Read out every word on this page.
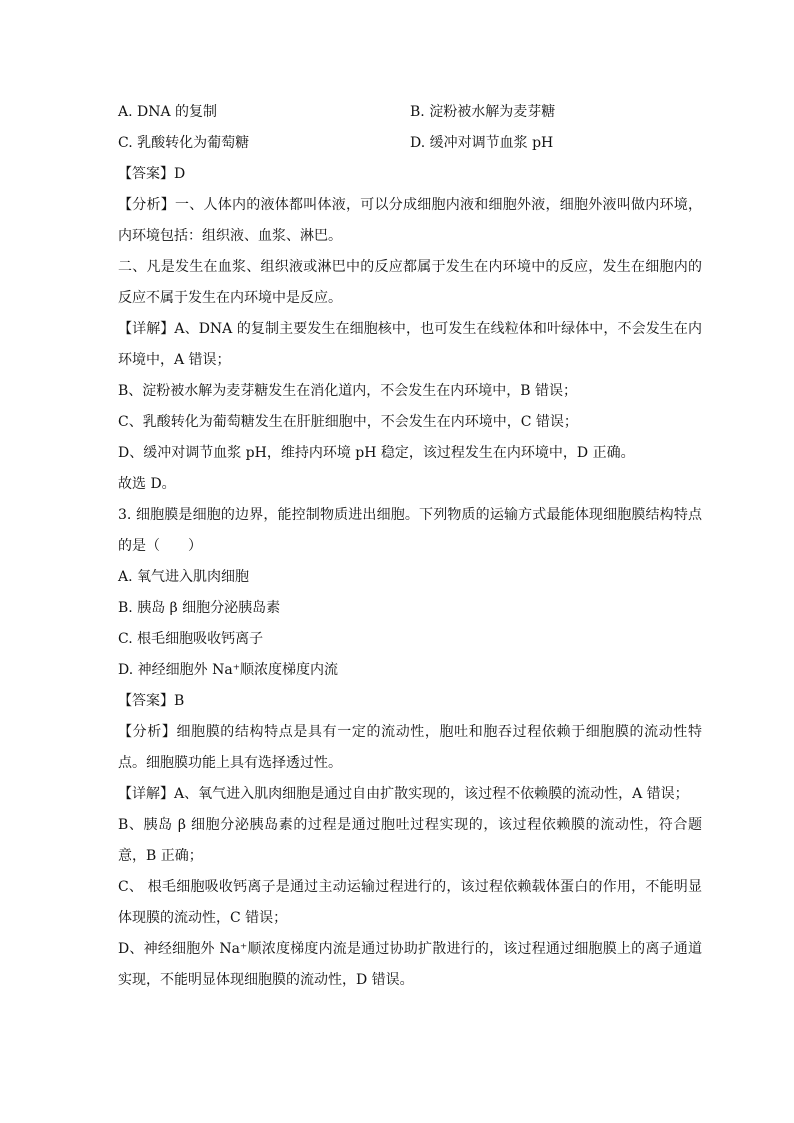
A. DNA 的复制	B. 淀粉被水解为麦芽糖
C. 乳酸转化为葡萄糖	D. 缓冲对调节血浆 pH
【答案】D

【分析】一、人体内的液体都叫体液，可以分成细胞内液和细胞外液，细胞外液叫做内环境，内环境包括：组织液、血浆、淋巴。

二、凡是发生在血浆、组织液或淋巴中的反应都属于发生在内环境中的反应，发生在细胞内的反应不属于发生在内环境中是反应。

【详解】A、DNA 的复制主要发生在细胞核中，也可发生在线粒体和叶绿体中，不会发生在内环境中，A 错误；

B、淀粉被水解为麦芽糖发生在消化道内，不会发生在内环境中，B 错误；

C、乳酸转化为葡萄糖发生在肝脏细胞中，不会发生在内环境中，C 错误；

D、缓冲对调节血浆 pH，维持内环境 pH 稳定，该过程发生在内环境中，D 正确。

故选 D。

3. 细胞膜是细胞的边界，能控制物质进出细胞。下列物质的运输方式最能体现细胞膜结构特点的是（　　）

A. 氧气进入肌肉细胞
B. 胰岛 β 细胞分泌胰岛素
C. 根毛细胞吸收钙离子
D. 神经细胞外 Na⁺顺浓度梯度内流
【答案】B

【分析】细胞膜的结构特点是具有一定的流动性，胞吐和胞吞过程依赖于细胞膜的流动性特点。细胞膜功能上具有选择透过性。

【详解】A、氧气进入肌肉细胞是通过自由扩散实现的，该过程不依赖膜的流动性，A 错误；

B、胰岛 β 细胞分泌胰岛素的过程是通过胞吐过程实现的，该过程依赖膜的流动性，符合题意，B 正确；

C、 根毛细胞吸收钙离子是通过主动运输过程进行的，该过程依赖载体蛋白的作用，不能明显体现膜的流动性，C 错误；

D、神经细胞外 Na⁺顺浓度梯度内流是通过协助扩散进行的，该过程通过细胞膜上的离子通道实现，不能明显体现细胞膜的流动性，D 错误。
